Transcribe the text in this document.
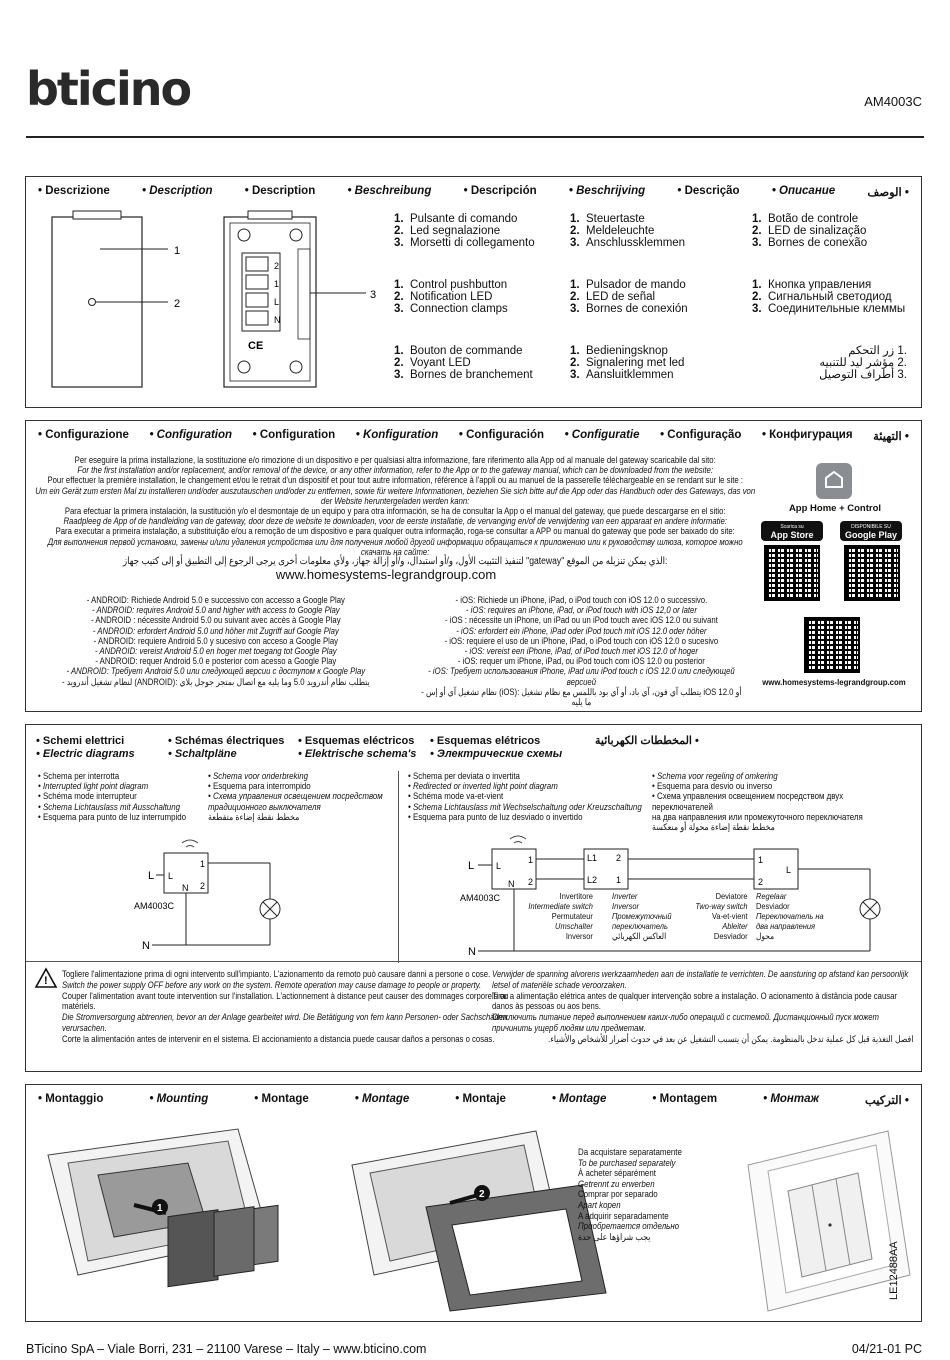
bticino	AM4003C
• Descrizione	• Description	• Description	• Beschreibung	• Descripción	• Beschrijving	• Descrição	• Описание	الوصف •
1
2
2
1
L
N
CE
3
1. Pulsante di comando
2. Led segnalazione
3. Morsetti di collegamento
1. Steuertaste
2. Meldeleuchte
3. Anschlussklemmen
1. Botão de controle
2. LED de sinalização
3. Bornes de conexão
1. Control pushbutton
2. Notification LED
3. Connection clamps
1. Pulsador de mando
2. LED de señal
3. Bornes de conexión
1. Кнопка управления
2. Сигнальный светодиод
3. Соединительные клеммы
1. Bouton de commande
2. Voyant LED
3. Bornes de branchement
1. Bedieningsknop
2. Signalering met led
3. Aansluitklemmen
.1 زر التحكم
.2 مؤشر ليد للتنبيه
.3 أطراف التوصيل
• Configurazione • Configuration • Configuration • Konfiguration • Configuración • Configuratie • Configuração • Конфигурация التهيئة •
Per eseguire la prima installazione, la sostituzione e/o rimozione di un dispositivo e per qualsiasi altra informazione, fare riferimento alla App od al manuale del gateway scaricabile dal sito:
For the first installation and/or replacement, and/or removal of the device, or any other information, refer to the App or to the gateway manual, which can be downloaded from the website:
Pour effectuer la première installation, le changement et/ou le retrait d'un dispositif et pour tout autre information, référence à l'appli ou au manuel de la passerelle téléchargeable en se rendant sur le site :
Um ein Gerät zum ersten Mal zu installieren und/oder auszutauschen und/oder zu entfernen, sowie für weitere Informationen, beziehen Sie sich bitte auf die App oder das Handbuch oder des Gateways, das von der Website heruntergeladen werden kann:
Para efectuar la primera instalación, la sustitución y/o el desmontaje de un equipo y para otra información, se ha de consultar la App o el manual del gateway, que puede descargarse en el sitio:
Raadpleeg de App of de handleiding van de gateway, door deze de website te downloaden, voor de eerste installatie, de vervanging en/of de verwijdering van een apparaat en andere informatie:
Para executar a primeira instalação, a substituição e/ou a remoção de um dispositivo e para qualquer outra informação, roga-se consultar a APP ou manual do gateway que pode ser baixado do site:
Для выполнения первой установки, замены и/или удаления устройства или для получения любой другой информации обращаться к приложению или к руководству шлюза, которое можно скачать на сайте:
لتنفيذ التثبيت الأول، و/أو استبدال، و/أو إزالة جهاز، ولأي معلومات أخرى يرجى الرجوع إلى التطبيق أو إلى كتيب جهاز "gateway" الذي يمكن تنزيله من الموقع:
www.homesystems-legrandgroup.com
- ANDROID: Richiede Android 5.0 e successivo con accesso a Google Play
- ANDROID: requires Android 5.0 and higher with access to Google Play
- ANDROID : nécessite Android 5.0 ou suivant avec accès à Google Play
- ANDROID: erfordert Android 5.0 und höher mit Zugriff auf Google Play
- ANDROID: requiere Android 5.0 y sucesivo con acceso a Google Play
- ANDROID: vereist Android 5.0 en hoger met toegang tot Google Play
- ANDROID: requer Android 5.0 e posterior com acesso a Google Play
- ANDROID: Требует Android 5.0 или следующей версии с доступом к Google Play
- لنظام تشغيل أندرويد (ANDROID): يتطلب نظام أندرويد 5.0 وما يليه مع اتصال بمتجر جوجل بلاي
- iOS: Richiede un iPhone, iPad, o iPod touch con iOS 12.0 o successivo.
- iOS: requires an iPhone, iPad, or iPod touch with iOS 12,0 or later
- iOS : nécessite un iPhone, un iPad ou un iPod touch avec iOS 12.0 ou suivant
- iOS: erfordert ein iPhone, iPad oder iPod touch mit iOS 12.0 oder höher
- iOS: requiere el uso de un iPhone, iPad, o iPod touch con iOS 12.0 o sucesivo
- iOS: vereist een iPhone, iPad, of iPod touch met iOS 12.0 of hoger
- iOS: requer um iPhone, iPad, ou iPod touch com iOS 12.0 ou posterior
- iOS: Требует использования iPhone, iPad или iPod touch с iOS 12.0 или следующей версией
- نظام تشغيل آي أو إس (iOS): يتطلب آي فون، آي باد، أو آي بود باللمس مع نظام تشغيل iOS 12.0 أو ما يليه
App Home + Control
Scarica su
App Store
DISPONIBILE SU
Google Play
www.homesystems-legrandgroup.com
• Schemi elettrici	• Schémas électriques	• Esquemas eléctricos	• Esquemas elétricos	المخططات الكهربائية •
• Electric diagrams	• Schaltpläne	• Elektrische schema's	• Электрические схемы
• Schema per interrotta
• Interrupted light point diagram
• Schéma mode interrupteur
• Schema Lichtauslass mit Ausschaltung
• Esquema para punto de luz interrumpido
• Schema voor onderbreking
• Esquema para interrompido
• Схема управления освещением посредством
традиционного выключателя
مخطط نقطة إضاءة متقطعة
• Schema per deviata o invertita
• Redirected or inverted light point diagram
• Schéma mode va-et-vient
• Schema Lichtauslass mit Wechselschaltung oder Kreuzschaltung
• Esquema para punto de luz desviado o invertido
• Schema voor regeling of omkering
• Esquema para desvio ou inverso
• Схема управления освещением посредством двух переключателей
на два направления или промежуточного переключателя
مخطط نقطة إضاءة محولة أو منعكسة
L L
1
2
N
N
AM4003C
L L
1
2
N
L1
L2
2
1
1
2
L
N
AM4003C	Invertitore
Intermediate switch
Permutateur
Umschalter
Inversor
Inverter
Inversor
Промежуточный
переключатель
العاكس الكهربائي
Deviatore
Two-way switch
Va-et-vient
Ableiter
Desviador
Regelaar
Desviador
Переключатель на
два направления
محول
!
Togliere l'alimentazione prima di ogni intervento sull'impianto. L'azionamento da remoto può causare danni a persone o cose.
Switch the power supply OFF before any work on the system. Remote operation may cause damage to people or property.
Couper l'alimentation avant toute intervention sur l'installation. L'actionnement à distance peut causer des dommages corporels ou matériels.
Die Stromversorgung abtrennen, bevor an der Anlage gearbeitet wird. Die Betätigung von fern kann Personen- oder Sachschäden verursachen.
Corte la alimentación antes de intervenir en el sistema. El accionamiento a distancia puede causar daños a personas o cosas.
Verwijder de spanning alvorens werkzaamheden aan de installatie te verrichten. De aansturing op afstand kan persoonlijk letsel of materiële schade veroorzaken.
Tirar a alimentação elétrica antes de qualquer intervenção sobre a instalação. O acionamento à distância pode causar danos às pessoas ou aos bens.
Отключить питание перед выполнением каких-либо операций с системой. Дистанционный пуск может причинить ущерб людям или предметам.
افصل التغذية قبل كل عملية تدخل بالمنظومة. يمكن أن يتسبب التشغيل عن بعد في حدوث أضرار للأشخاص والأشياء.
• Montaggio	• Mounting	• Montage	• Montage	• Montaje	• Montage	• Montagem	• Монтаж	التركيب •
1
2
Da acquistare separatamente
To be purchased separately
À acheter séparément
Getrennt zu erwerben
Comprar por separado
Apart kopen
A adquirir separadamente
Приобретается отдельно
يجب شراؤها على حدة
BTicino SpA – Viale Borri, 231 – 21100 Varese – Italy – www.bticino.com	04/21-01 PC
LE12488AA
